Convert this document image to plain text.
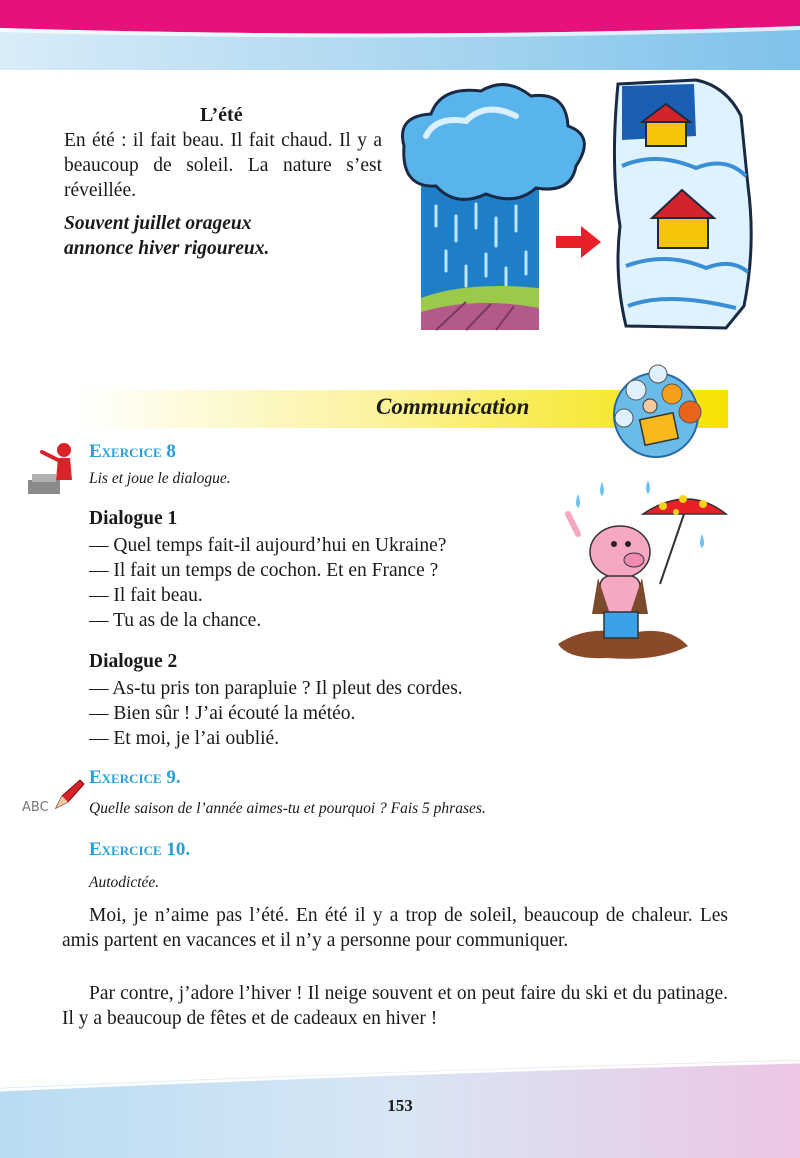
L’été
En été : il fait beau. Il fait chaud. Il y a beaucoup de soleil. La nature s’est réveillée.
Souvent juillet orageux
annonce hiver rigoureux.
Communication
Exercice 8
Lis et joue le dialogue.
Dialogue 1
— Quel temps fait-il aujourd’hui en Ukraine?
— Il fait un temps de cochon. Et en France ?
— Il fait beau.
— Tu as de la chance.
Dialogue 2
— As-tu pris ton parapluie ? Il pleut des cordes.
— Bien sûr ! J’ai écouté la météo.
— Et moi, je l’ai oublié.
ABC
Exercice 9.
Quelle saison de l’année aimes-tu et pourquoi ? Fais 5 phrases.
Exercice 10.
Autodictée.
Moi, je n’aime pas l’été. En été il y a trop de soleil, beaucoup de chaleur. Les amis partent en vacances et il n’y a personne pour communiquer.
Par contre, j’adore l’hiver ! Il neige souvent et on peut faire du ski et du patinage. Il y a beaucoup de fêtes et de cadeaux en hiver !
153
